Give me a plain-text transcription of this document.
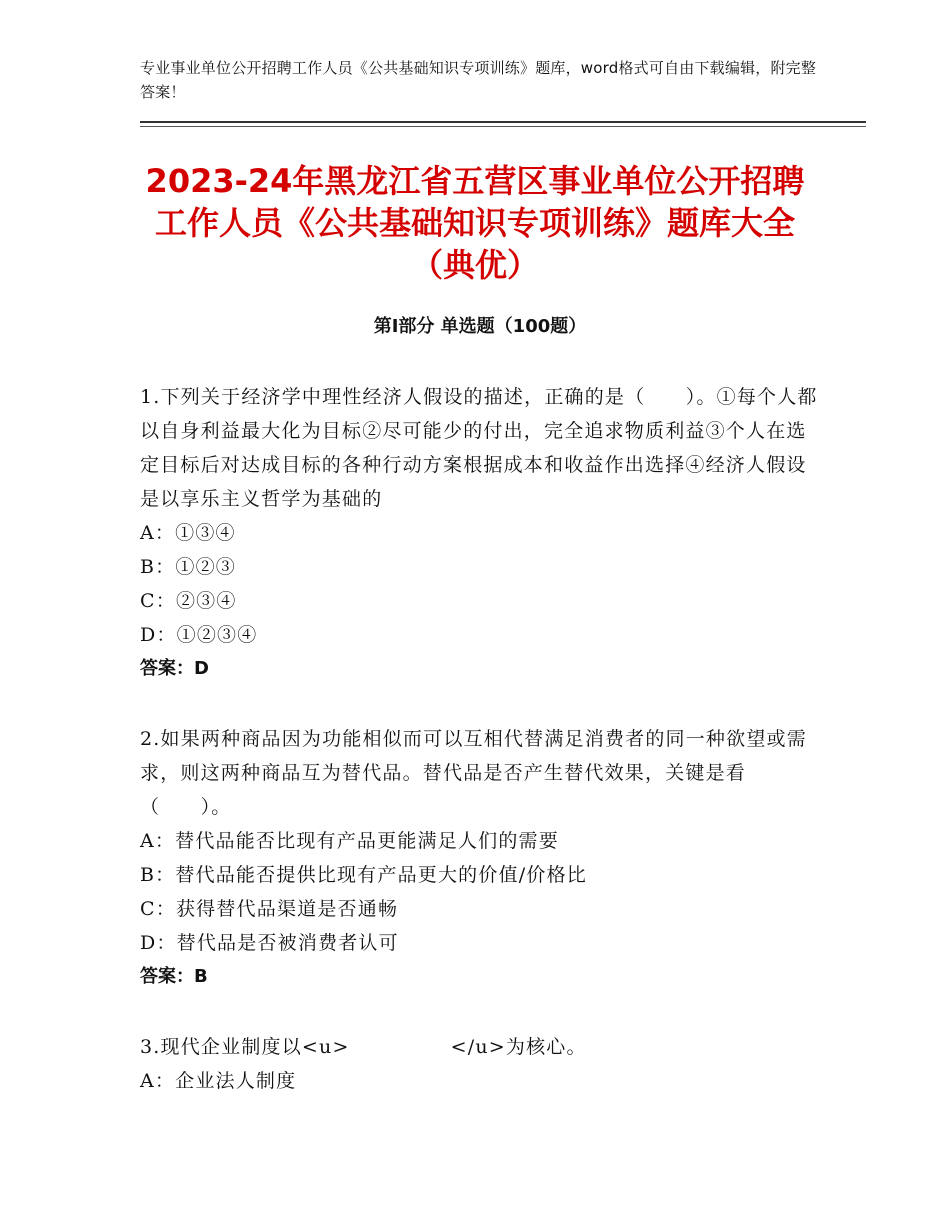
专业事业单位公开招聘工作人员《公共基础知识专项训练》题库，word格式可自由下载编辑，附完整答案！
2023-24年黑龙江省五营区事业单位公开招聘工作人员《公共基础知识专项训练》题库大全（典优）
第Ⅰ部分 单选题（100题）

1.下列关于经济学中理性经济人假设的描述，正确的是（　　）。①每个人都以自身利益最大化为目标②尽可能少的付出，完全追求物质利益③个人在选定目标后对达成目标的各种行动方案根据成本和收益作出选择④经济人假设是以享乐主义哲学为基础的

A：①③④

B：①②③

C：②③④

D：①②③④

答案：D

2.如果两种商品因为功能相似而可以互相代替满足消费者的同一种欲望或需求，则这两种商品互为替代品。替代品是否产生替代效果，关键是看（　　）。

A：替代品能否比现有产品更能满足人们的需要

B：替代品能否提供比现有产品更大的价值/价格比

C：获得替代品渠道是否通畅

D：替代品是否被消费者认可

答案：B

3.现代企业制度以<u>　　　　　</u>为核心。

A：企业法人制度
